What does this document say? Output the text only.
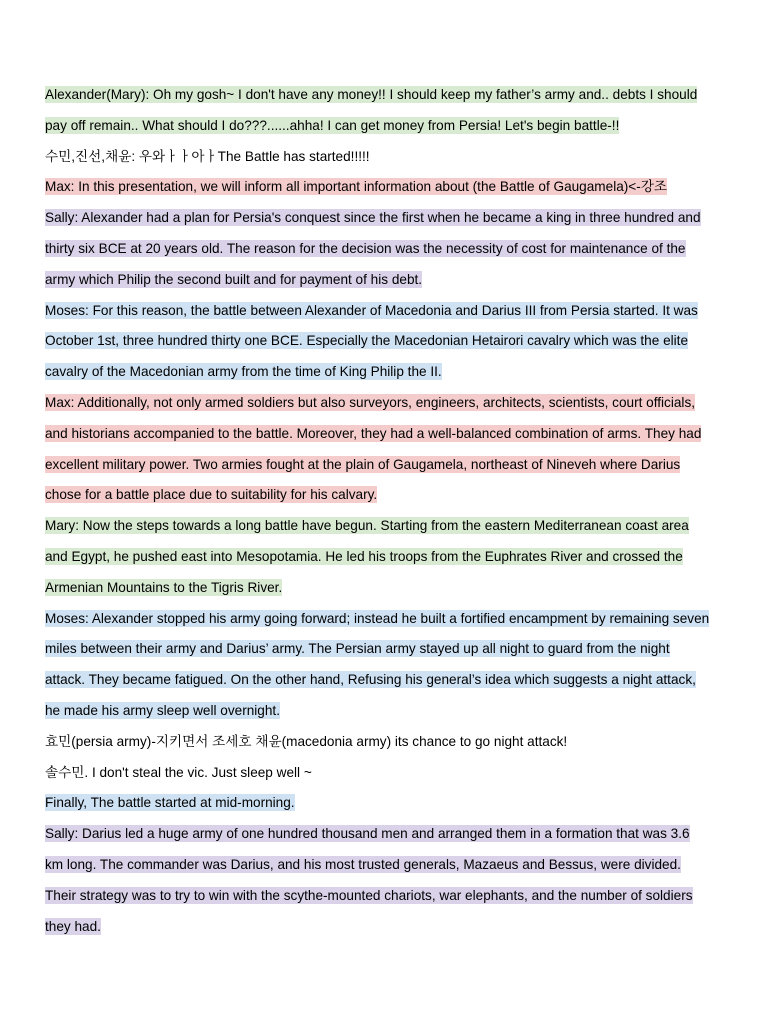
Alexander(Mary): Oh my gosh~ I don't have any money!! I should keep my father’s army and.. debts I should
pay off remain.. What should I do???......ahha! I can get money from Persia! Let's begin battle-!!
수민,진선,채윤: 우와ㅏㅏ아ㅏThe Battle has started!!!!!
Max: In this presentation, we will inform all important information about (the Battle of Gaugamela)<-강조
Sally: Alexander had a plan for Persia's conquest since the first when he became a king in three hundred and
thirty six BCE at 20 years old. The reason for the decision was the necessity of cost for maintenance of the
army which Philip the second built and for payment of his debt.
Moses: For this reason, the battle between Alexander of Macedonia and Darius III from Persia started. It was
October 1st, three hundred thirty one BCE. Especially the Macedonian Hetairori cavalry which was the elite
cavalry of the Macedonian army from the time of King Philip the II.
Max: Additionally, not only armed soldiers but also surveyors, engineers, architects, scientists, court officials,
and historians accompanied to the battle. Moreover, they had a well-balanced combination of arms. They had
excellent military power. Two armies fought at the plain of Gaugamela, northeast of Nineveh where Darius
chose for a battle place due to suitability for his calvary.
Mary: Now the steps towards a long battle have begun. Starting from the eastern Mediterranean coast area
and Egypt, he pushed east into Mesopotamia. He led his troops from the Euphrates River and crossed the
Armenian Mountains to the Tigris River.
Moses: Alexander stopped his army going forward; instead he built a fortified encampment by remaining seven
miles between their army and Darius’ army. The Persian army stayed up all night to guard from the night
attack. They became fatigued. On the other hand, Refusing his general’s idea which suggests a night attack,
he made his army sleep well overnight.
효민(persia army)-지키면서 조세호 채윤(macedonia army) its chance to go night attack!
솔수민. I don't steal the vic. Just sleep well ~
Finally, The battle started at mid-morning.
Sally: Darius led a huge army of one hundred thousand men and arranged them in a formation that was 3.6
km long. The commander was Darius, and his most trusted generals, Mazaeus and Bessus, were divided.
Their strategy was to try to win with the scythe-mounted chariots, war elephants, and the number of soldiers
they had.
